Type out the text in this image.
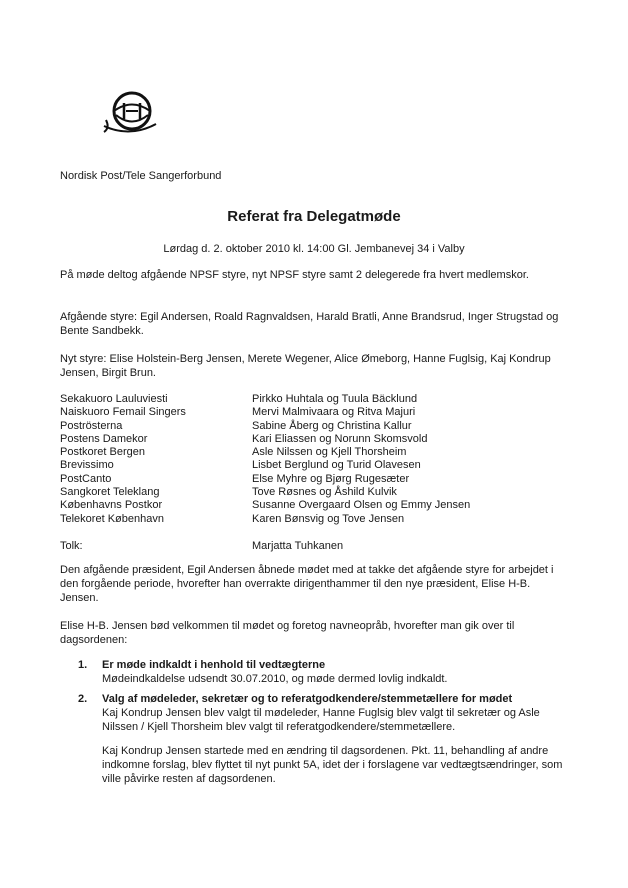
Nordisk Post/Tele Sangerforbund
Referat fra Delegatmøde
Lørdag d. 2. oktober 2010 kl. 14:00 Gl. Jembanevej 34 i Valby

På møde deltog afgående NPSF styre, nyt NPSF styre samt 2 delegerede fra hvert medlemskor.

Afgående styre: Egil Andersen, Roald Ragnvaldsen, Harald Bratli, Anne Brandsrud, Inger Strugstad og Bente Sandbekk.

Nyt styre: Elise Holstein-Berg Jensen, Merete Wegener, Alice Ømeborg, Hanne Fuglsig, Kaj Kondrup Jensen, Birgit Brun.

Sekakuoro Lauluviesti	Pirkko Huhtala og Tuula Bäcklund
Naiskuoro Femail Singers	Mervi Malmivaara og Ritva Majuri
Poströsterna	Sabine Åberg og Christina Kallur
Postens Damekor	Kari Eliassen og Norunn Skomsvold
Postkoret Bergen	Asle Nilssen og Kjell Thorsheim
Brevissimo	Lisbet Berglund og Turid Olavesen
PostCanto	Else Myhre og Bjørg Rugesæter
Sangkoret Teleklang	Tove Røsnes og Åshild Kulvik
Københavns Postkor	Susanne Overgaard Olsen og Emmy Jensen
Telekoret København	Karen Bønsvig og Tove Jensen
Tolk:	Marjatta Tuhkanen

Den afgående præsident, Egil Andersen åbnede mødet med at takke det afgående styre for arbejdet i den forgående periode, hvorefter han overrakte dirigenthammer til den nye præsident, Elise H-B. Jensen.

Elise H-B. Jensen bød velkommen til mødet og foretog navneopråb, hvorefter man gik over til dagsordenen:

1.	Er møde indkaldt i henhold til vedtægterne
Mødeindkaldelse udsendt 30.07.2010, og møde dermed lovlig indkaldt.
2.	Valg af mødeleder, sekretær og to referatgodkendere/stemmetællere for mødet
Kaj Kondrup Jensen blev valgt til mødeleder, Hanne Fuglsig blev valgt til sekretær og Asle Nilssen / Kjell Thorsheim blev valgt til referatgodkendere/stemmetællere.
Kaj Kondrup Jensen startede med en ændring til dagsordenen. Pkt. 11, behandling af andre indkomne forslag, blev flyttet til nyt punkt 5A, idet der i forslagene var vedtægtsændringer, som ville påvirke resten af dagsordenen.
